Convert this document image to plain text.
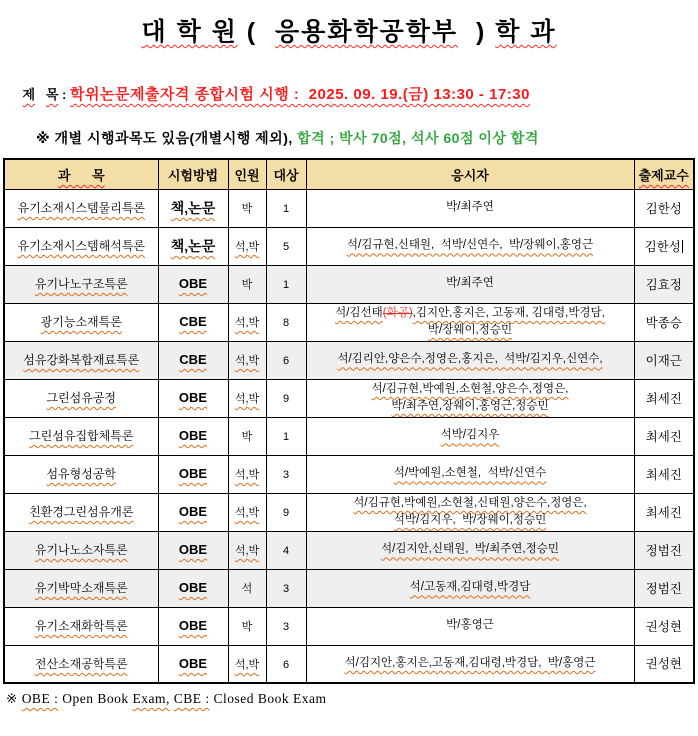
대 학 원 (  응용화학공학부  ) 학 과

제 목 : 학위논문제출자격 종합시험 시행 :  2025. 09. 19.(금) 13:30 - 17:30

※ 개별 시행과목도 있음(개별시행 제외), 합격 ; 박사 70점, 석사 60점 이상 합격
과      목	시험방법	인원	대상	응시자	출제교수
유기소재시스템물리특론	책,논문	박	1	박/최주연	김한성
유기소재시스템해석특론	책,논문	석,박	5	석/김규현,신태원,  석박/신연수,  박/장웨이,홍영근	김한성
유기나노구조특론	OBE	박	1	박/최주연	김효정
광기능소재특론	CBE	석,박	8	석/김선태(화공),김지안,홍지은, 고동재, 김대령,박경담,
박/장웨이,정승민	박종승
섬유강화복합재료특론	CBE	석,박	6	석/김리안,양은수,정영은,홍지은,  석박/김지우,신연수,	이재근
그린섬유공정	OBE	석,박	9	석/김규현,박예원,소현철,양은수,정영은,
박/최주연,장웨이,홍영근,정승민	최세진
그린섬유집합체특론	OBE	박	1	석박/김지우	최세진
섬유형성공학	OBE	석,박	3	석/박예원,소현철,  석박/신연수	최세진
친환경그린섬유개론	OBE	석,박	9	석/김규현,박예원,소현철,신태원,양은수,정영은,
석박/김지우,  박/장웨이,정승민	최세진
유기나노소자특론	OBE	석,박	4	석/김지안,신태원,  박/최주연,정승민	정범진
유기박막소재특론	OBE	석	3	석/고동재,김대령,박경담	정범진
유기소재화학특론	OBE	박	3	박/홍영근	권성현
전산소재공학특론	OBE	석,박	6	석/김지안,홍지은,고동재,김대령,박경담,  박/홍영근	권성현
※ OBE : Open Book Exam, CBE : Closed Book Exam
